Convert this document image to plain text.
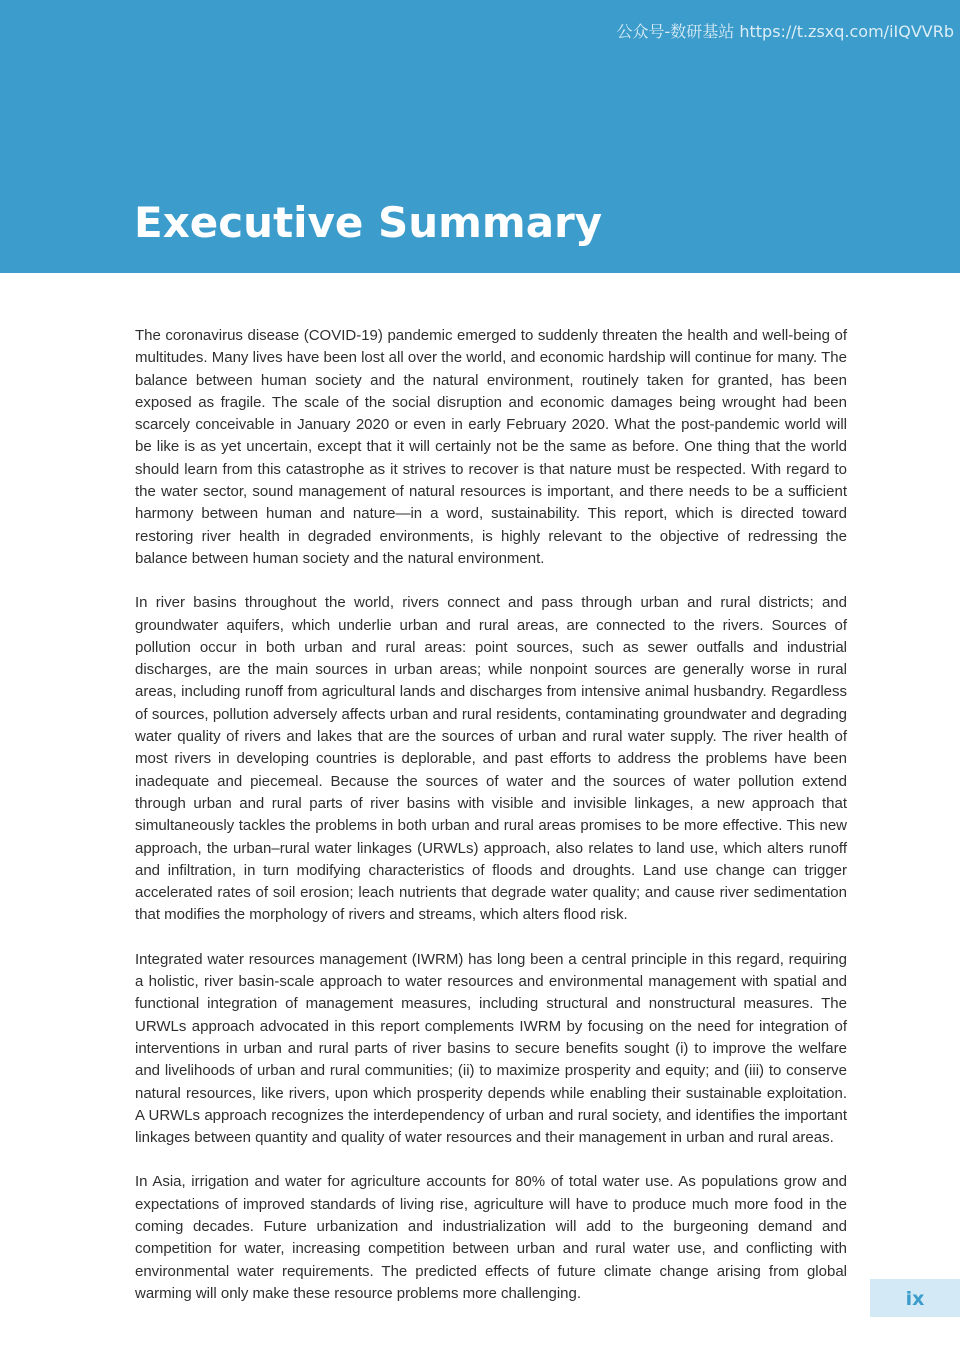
公众号-数研基站 https://t.zsxq.com/iIQVVRb
Executive Summary

The coronavirus disease (COVID-19) pandemic emerged to suddenly threaten the health and well-being of multitudes. Many lives have been lost all over the world, and economic hardship will continue for many. The balance between human society and the natural environment, routinely taken for granted, has been exposed as fragile. The scale of the social disruption and economic damages being wrought had been scarcely conceivable in January 2020 or even in early February 2020. What the post-pandemic world will be like is as yet uncertain, except that it will certainly not be the same as before. One thing that the world should learn from this catastrophe as it strives to recover is that nature must be respected. With regard to the water sector, sound management of natural resources is important, and there needs to be a sufficient harmony between human and nature—in a word, sustainability. This report, which is directed toward restoring river health in degraded environments, is highly relevant to the objective of redressing the balance between human society and the natural environment.

In river basins throughout the world, rivers connect and pass through urban and rural districts; and groundwater aquifers, which underlie urban and rural areas, are connected to the rivers. Sources of pollution occur in both urban and rural areas: point sources, such as sewer outfalls and industrial discharges, are the main sources in urban areas; while nonpoint sources are generally worse in rural areas, including runoff from agricultural lands and discharges from intensive animal husbandry. Regardless of sources, pollution adversely affects urban and rural residents, contaminating groundwater and degrading water quality of rivers and lakes that are the sources of urban and rural water supply. The river health of most rivers in developing countries is deplorable, and past efforts to address the problems have been inadequate and piecemeal. Because the sources of water and the sources of water pollution extend through urban and rural parts of river basins with visible and invisible linkages, a new approach that simultaneously tackles the problems in both urban and rural areas promises to be more effective. This new approach, the urban–rural water linkages (URWLs) approach, also relates to land use, which alters runoff and infiltration, in turn modifying characteristics of floods and droughts. Land use change can trigger accelerated rates of soil erosion; leach nutrients that degrade water quality; and cause river sedimentation that modifies the morphology of rivers and streams, which alters flood risk.

Integrated water resources management (IWRM) has long been a central principle in this regard, requiring a holistic, river basin-scale approach to water resources and environmental management with spatial and functional integration of management measures, including structural and nonstructural measures. The URWLs approach advocated in this report complements IWRM by focusing on the need for integration of interventions in urban and rural parts of river basins to secure benefits sought (i) to improve the welfare and livelihoods of urban and rural communities; (ii) to maximize prosperity and equity; and (iii) to conserve natural resources, like rivers, upon which prosperity depends while enabling their sustainable exploitation. A URWLs approach recognizes the interdependency of urban and rural society, and identifies the important linkages between quantity and quality of water resources and their management in urban and rural areas.

In Asia, irrigation and water for agriculture accounts for 80% of total water use. As populations grow and expectations of improved standards of living rise, agriculture will have to produce much more food in the coming decades. Future urbanization and industrialization will add to the burgeoning demand and competition for water, increasing competition between urban and rural water use, and conflicting with environmental water requirements. The predicted effects of future climate change arising from global warming will only make these resource problems more challenging.	ix
